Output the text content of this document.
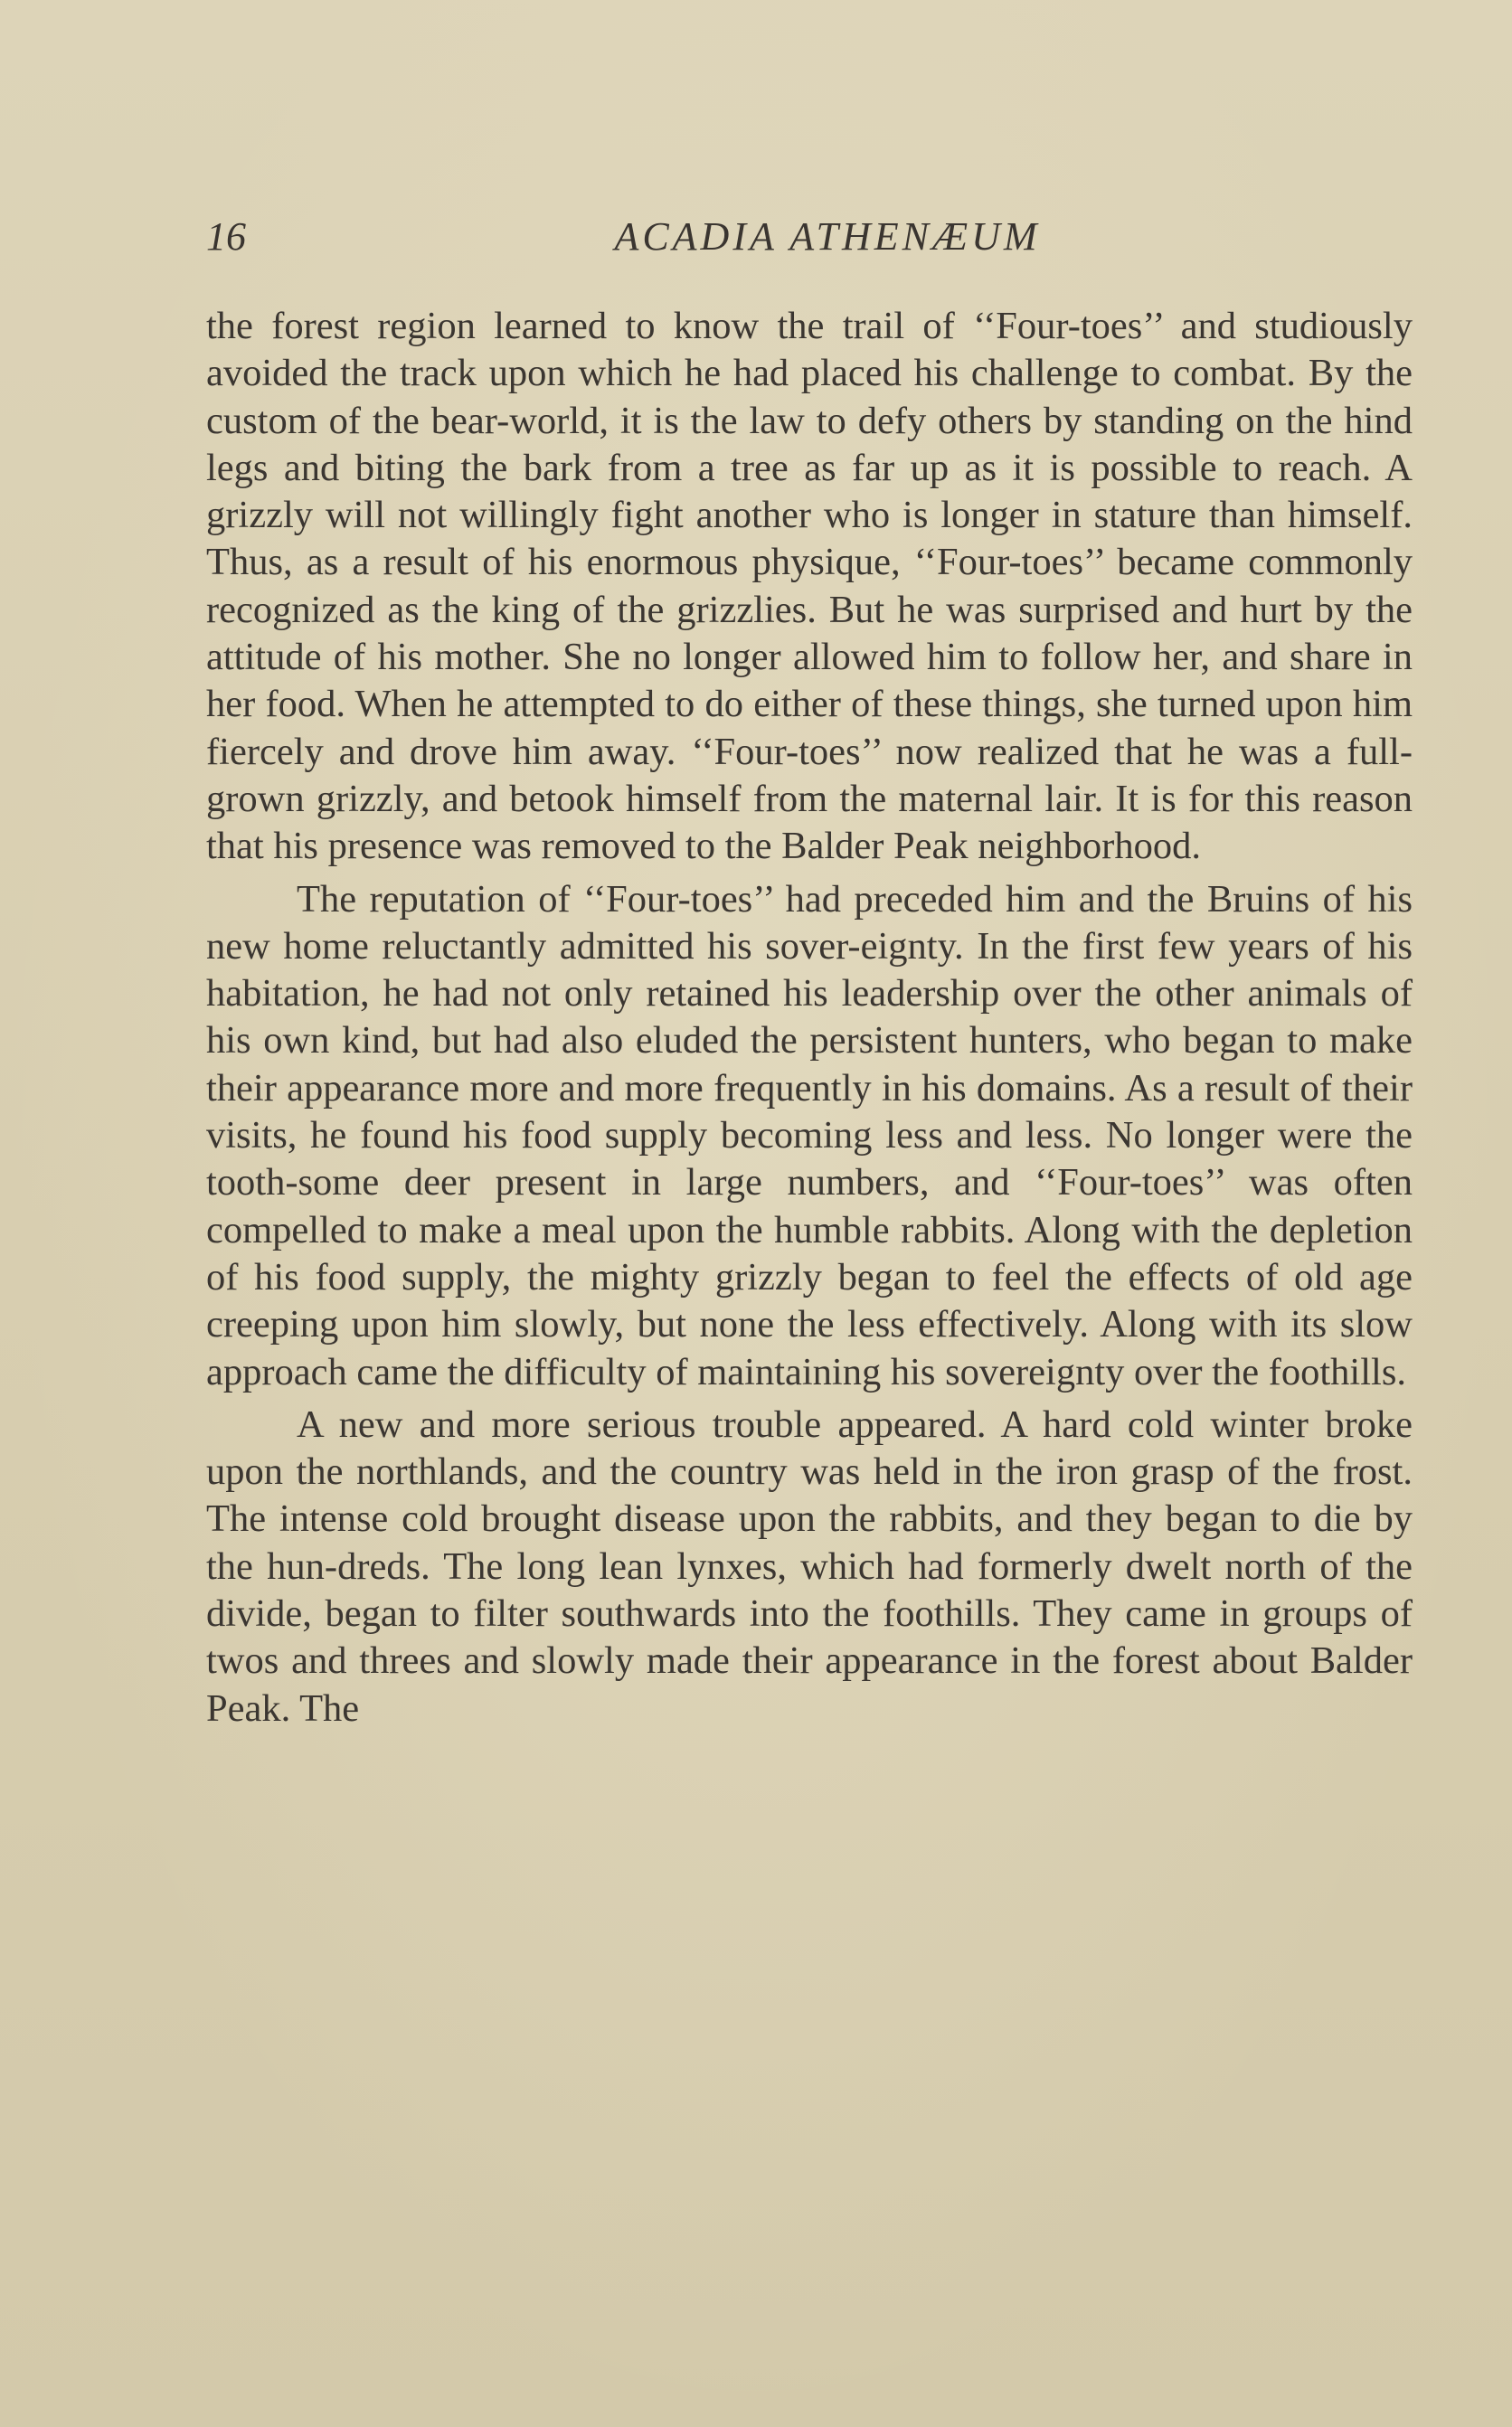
16	ACADIA ATHENÆUM

the forest region learned to know the trail of ‘‘Four-toes’’ and studiously avoided the track upon which he had placed his challenge to combat. By the custom of the bear-world, it is the law to defy others by standing on the hind legs and biting the bark from a tree as far up as it is possible to reach. A grizzly will not willingly fight another who is longer in stature than himself. Thus, as a result of his enormous physique, ‘‘Four-toes’’ became commonly recognized as the king of the grizzlies. But he was surprised and hurt by the attitude of his mother. She no longer allowed him to follow her, and share in her food. When he attempted to do either of these things, she turned upon him fiercely and drove him away. ‘‘Four-toes’’ now realized that he was a full-grown grizzly, and betook himself from the maternal lair. It is for this reason that his presence was removed to the Balder Peak neighborhood.

The reputation of ‘‘Four-toes’’ had preceded him and the Bruins of his new home reluctantly admitted his sover-eignty. In the first few years of his habitation, he had not only retained his leadership over the other animals of his own kind, but had also eluded the persistent hunters, who began to make their appearance more and more frequently in his domains. As a result of their visits, he found his food supply becoming less and less. No longer were the tooth-some deer present in large numbers, and ‘‘Four-toes’’ was often compelled to make a meal upon the humble rabbits. Along with the depletion of his food supply, the mighty grizzly began to feel the effects of old age creeping upon him slowly, but none the less effectively. Along with its slow approach came the difficulty of maintaining his sovereignty over the foothills.

A new and more serious trouble appeared. A hard cold winter broke upon the northlands, and the country was held in the iron grasp of the frost. The intense cold brought disease upon the rabbits, and they began to die by the hun-dreds. The long lean lynxes, which had formerly dwelt north of the divide, began to filter southwards into the foothills. They came in groups of twos and threes and slowly made their appearance in the forest about Balder Peak. The
